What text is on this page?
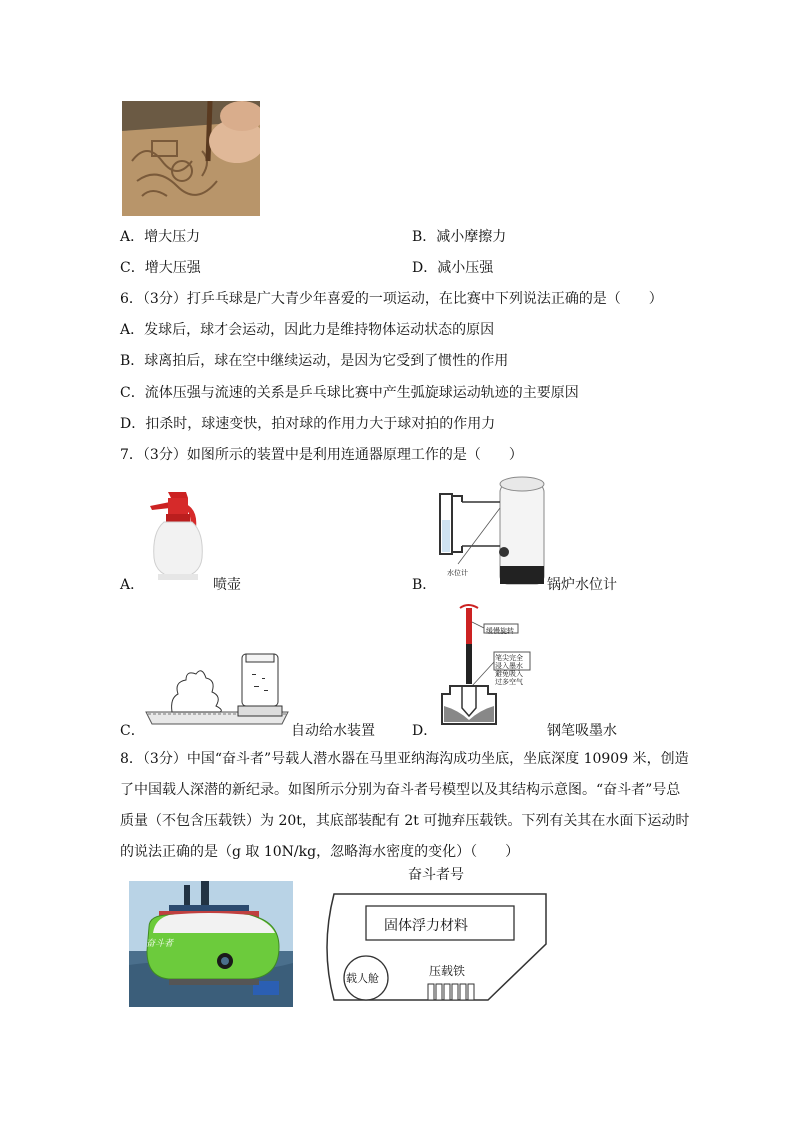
A．增大压力	B．减小摩擦力
C．增大压强	D．减小压强
6．（3分）打乒乓球是广大青少年喜爱的一项运动，在比赛中下列说法正确的是（　　）
A．发球后，球才会运动，因此力是维持物体运动状态的原因
B．球离拍后，球在空中继续运动，是因为它受到了惯性的作用
C．流体压强与流速的关系是乒乓球比赛中产生弧旋球运动轨迹的主要原因
D．扣杀时，球速变快，拍对球的作用力大于球对拍的作用力
7．（3分）如图所示的装置中是利用连通器原理工作的是（　　）
A．	喷壶
水位计
B．	锅炉水位计
C．	自动给水装置
缓慢旋转
笔尖完全浸入墨水 避免吸入过多空气
D．	钢笔吸墨水
8．（3分）中国“奋斗者”号载人潜水器在马里亚纳海沟成功坐底，坐底深度 10909 米，创造
了中国载人深潜的新纪录。如图所示分别为奋斗者号模型以及其结构示意图。“奋斗者”号总
质量（不包含压载铁）为 20t，其底部装配有 2t 可抛弃压载铁。下列有关其在水面下运动时
的说法正确的是（g 取 10N/kg，忽略海水密度的变化）（　　）
奋斗者
奋斗者号
固体浮力材料
载人舱
压载铁
